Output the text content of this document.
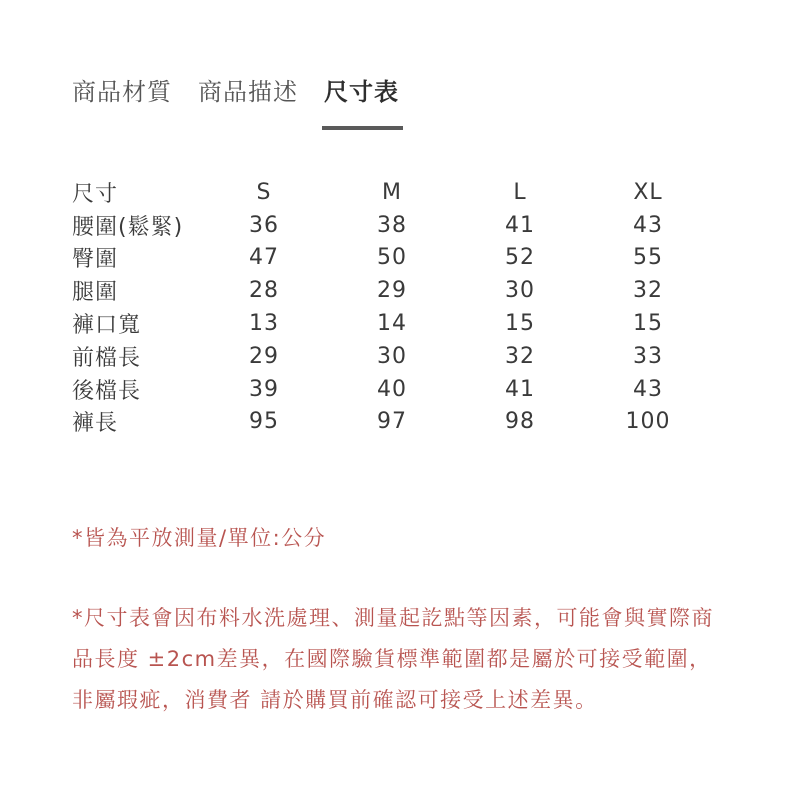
商品材質 商品描述 尺寸表
尺寸	S	M	L	XL
腰圍(鬆緊)	36	38	41	43
臀圍	47	50	52	55
腿圍	28	29	30	32
褲口寬	13	14	15	15
前檔長	29	30	32	33
後檔長	39	40	41	43
褲長	95	97	98	100
*皆為平放測量/單位:公分
*尺寸表會因布料水洗處理、測量起訖點等因素，可能會與實際商品長度 ±2cm差異，在國際驗貨標準範圍都是屬於可接受範圍，非屬瑕疵，消費者 請於購買前確認可接受上述差異。
